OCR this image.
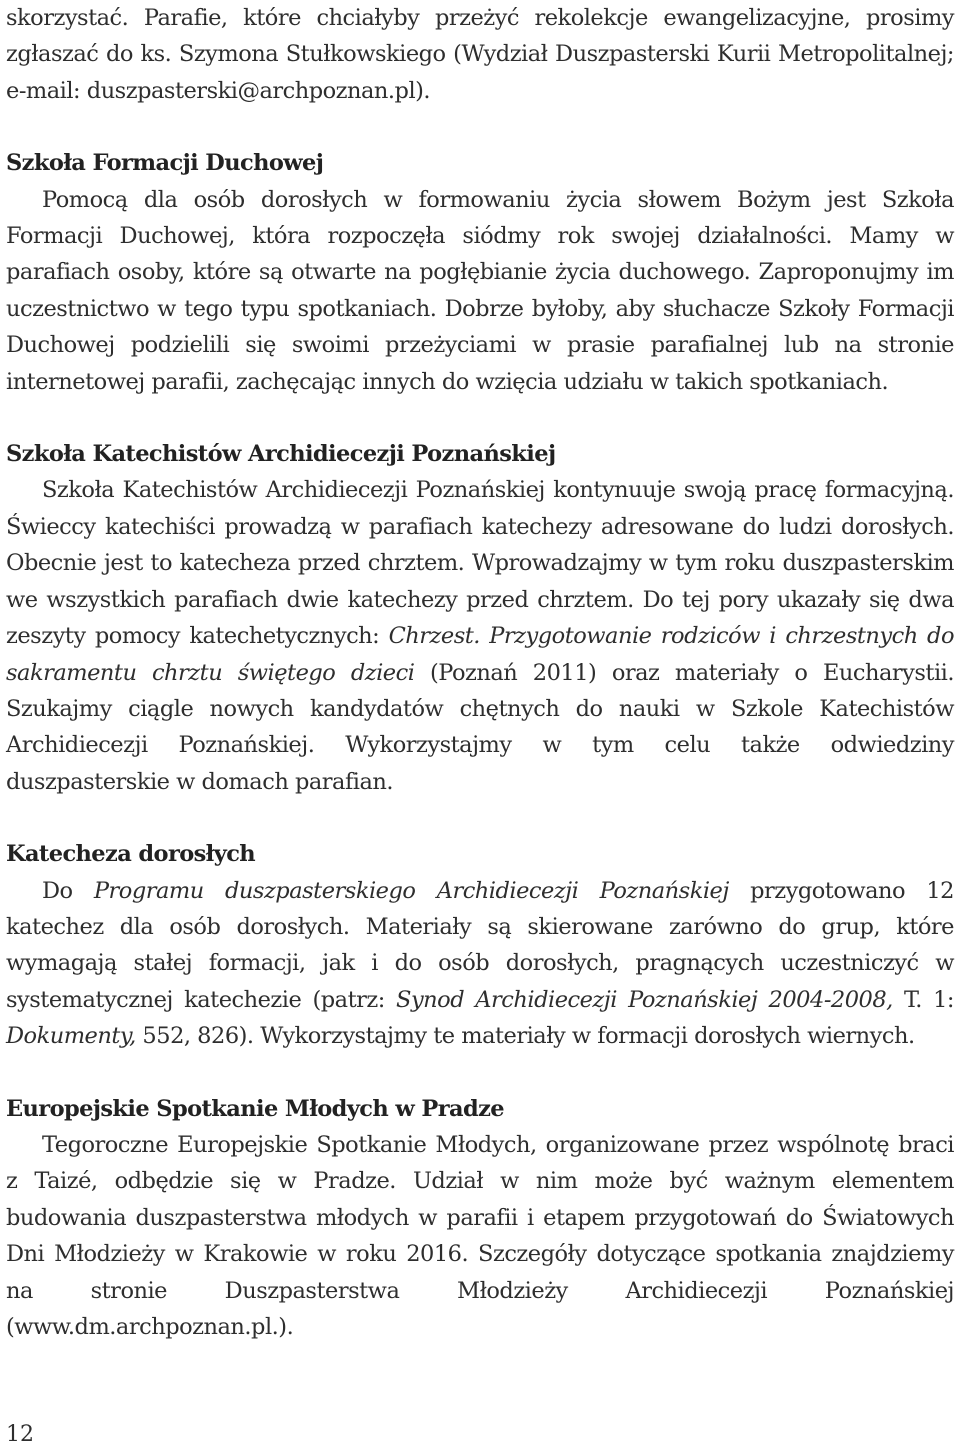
skorzystać. Parafie, które chciałyby przeżyć rekolekcje ewangelizacyjne, prosimy zgłaszać do ks. Szymona Stułkowskiego (Wydział Duszpasterski Kurii Metropolitalnej; e-mail: duszpasterski@archpoznan.pl).

Szkoła Formacji Duchowej

Pomocą dla osób dorosłych w formowaniu życia słowem Bożym jest Szkoła Formacji Duchowej, która rozpoczęła siódmy rok swojej działalności. Mamy w parafiach osoby, które są otwarte na pogłębianie życia duchowego. Zaproponujmy im uczestnictwo w tego typu spotkaniach. Dobrze byłoby, aby słuchacze Szkoły Formacji Duchowej podzielili się swoimi przeżyciami w prasie parafialnej lub na stronie internetowej parafii, zachęcając innych do wzięcia udziału w takich spotkaniach.

Szkoła Katechistów Archidiecezji Poznańskiej

Szkoła Katechistów Archidiecezji Poznańskiej kontynuuje swoją pracę formacyjną. Świeccy katechiści prowadzą w parafiach katechezy adresowane do ludzi dorosłych. Obecnie jest to katecheza przed chrztem. Wprowadzajmy w tym roku duszpasterskim we wszystkich parafiach dwie katechezy przed chrztem. Do tej pory ukazały się dwa zeszyty pomocy katechetycznych: Chrzest. Przygotowanie rodziców i chrzestnych do sakramentu chrztu świętego dzieci (Poznań 2011) oraz materiały o Eucharystii. Szukajmy ciągle nowych kandydatów chętnych do nauki w Szkole Katechistów Archidiecezji Poznańskiej. Wykorzystajmy w tym celu także odwiedziny duszpasterskie w domach parafian.

Katecheza dorosłych

Do Programu duszpasterskiego Archidiecezji Poznańskiej przygotowano 12 katechez dla osób dorosłych. Materiały są skierowane zarówno do grup, które wymagają stałej formacji, jak i do osób dorosłych, pragnących uczestniczyć w systematycznej katechezie (patrz: Synod Archidiecezji Poznańskiej 2004-2008, T. 1: Dokumenty, 552, 826). Wykorzystajmy te materiały w formacji dorosłych wiernych.

Europejskie Spotkanie Młodych w Pradze

Tegoroczne Europejskie Spotkanie Młodych, organizowane przez wspólnotę braci z Taizé, odbędzie się w Pradze. Udział w nim może być ważnym elementem budowania duszpasterstwa młodych w parafii i etapem przygotowań do Światowych Dni Młodzieży w Krakowie w roku 2016. Szczegóły dotyczące spotkania znajdziemy na stronie Duszpasterstwa Młodzieży Archidiecezji Poznańskiej (www.dm.archpoznan.pl.).

12
